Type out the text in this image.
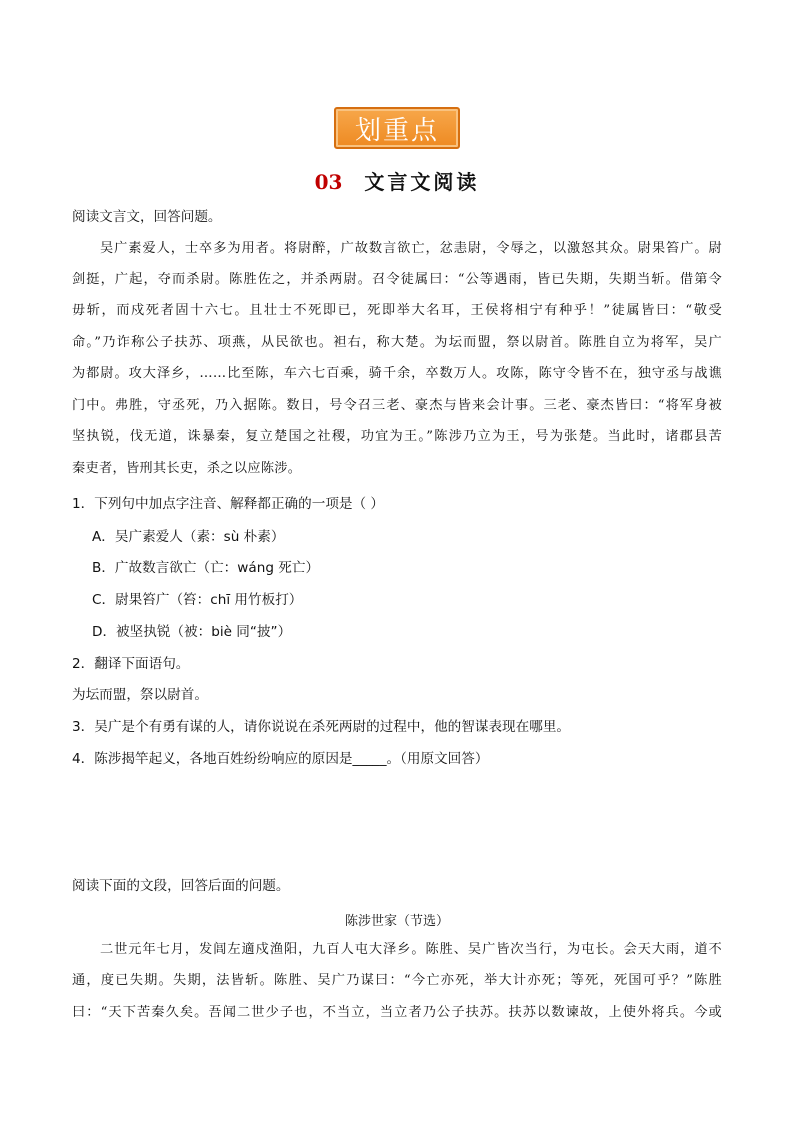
划重点
03 文言文阅读
阅读文言文，回答问题。
吴广素爱人，士卒多为用者。将尉醉，广故数言欲亡，忿恚尉，令辱之，以激怒其众。尉果笞广。尉
剑挺，广起，夺而杀尉。陈胜佐之，并杀两尉。召令徒属曰：“公等遇雨，皆已失期，失期当斩。借第令
毋斩，而戍死者固十六七。且壮士不死即已，死即举大名耳，王侯将相宁有种乎！”徒属皆曰：“敬受
命。”乃诈称公子扶苏、项燕，从民欲也。袒右，称大楚。为坛而盟，祭以尉首。陈胜自立为将军，吴广
为都尉。攻大泽乡，……比至陈，车六七百乘，骑千余，卒数万人。攻陈，陈守令皆不在，独守丞与战谯
门中。弗胜，守丞死，乃入据陈。数日，号令召三老、豪杰与皆来会计事。三老、豪杰皆曰：“将军身被
坚执锐，伐无道，诛暴秦，复立楚国之社稷，功宜为王。”陈涉乃立为王，号为张楚。当此时，诸郡县苦
秦吏者，皆刑其长吏，杀之以应陈涉。
1．下列句中加点字注音、解释都正确的一项是（ ）
A．吴广素爱人（素：sù 朴素）
B．广故数言欲亡（亡：wáng 死亡）
C．尉果笞广（笞：chī 用竹板打）
D．被坚执锐（被：biè 同“披”）
2．翻译下面语句。
为坛而盟，祭以尉首。
3．吴广是个有勇有谋的人，请你说说在杀死两尉的过程中，他的智谋表现在哪里。
4．陈涉揭竿起义，各地百姓纷纷响应的原因是_____。（用原文回答）
阅读下面的文段，回答后面的问题。
陈涉世家（节选）
二世元年七月，发闾左適戍渔阳，九百人屯大泽乡。陈胜、吴广皆次当行，为屯长。会天大雨，道不
通，度已失期。失期，法皆斩。陈胜、吴广乃谋曰：“今亡亦死，举大计亦死；等死，死国可乎？”陈胜
曰：“天下苦秦久矣。吾闻二世少子也，不当立，当立者乃公子扶苏。扶苏以数谏故，上使外将兵。今或
